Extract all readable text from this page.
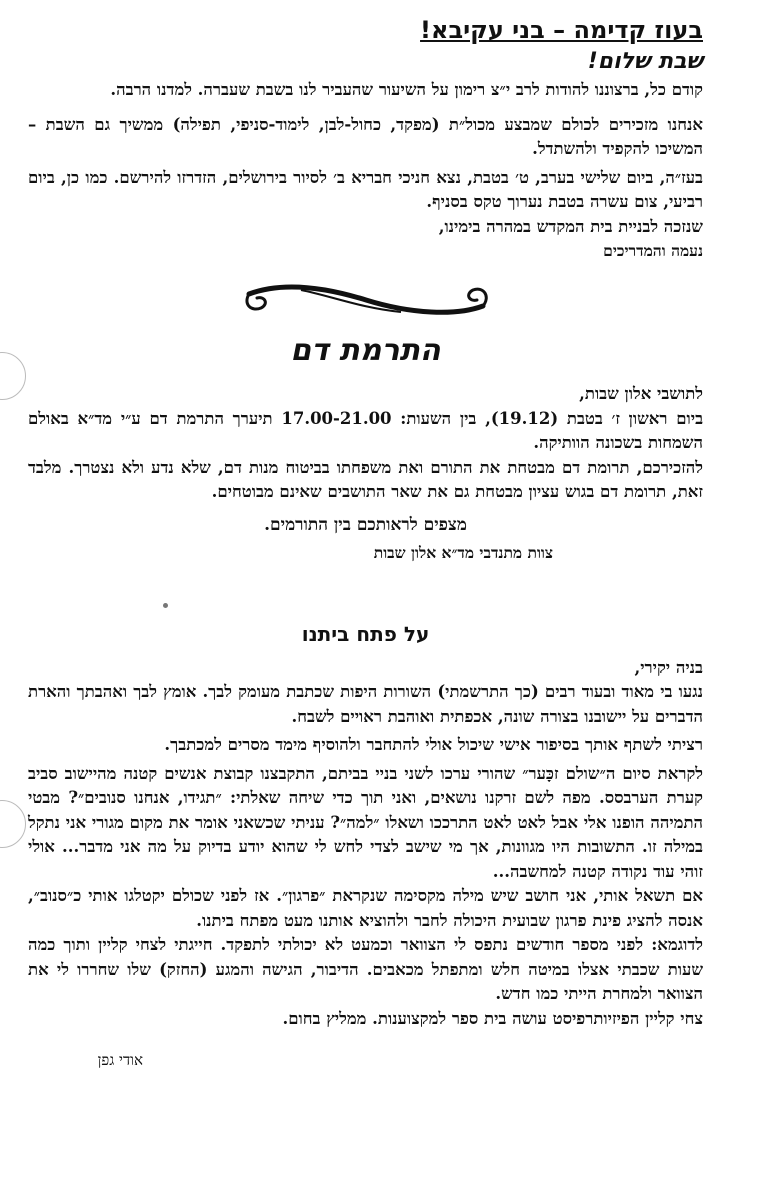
בעוז קדימה – בני עקיבא!
שבת שלום!

קודם כל, ברצוננו להודות לרב י״צ רימון על השיעור שהעביר לנו בשבת שעברה. למדנו הרבה.

אנחנו מזכירים לכולם שמבצע מכול״ת (מפקד, כחול-לבן, לימוד-סניפי, תפילה) ממשיך גם השבת – המשיכו להקפיד ולהשתדל.

בעז״ה, ביום שלישי בערב, ט׳ בטבת, נצא חניכי חבריא ב׳ לסיור בירושלים, הזדרזו להירשם. כמו כן, ביום רביעי, צום עשרה בטבת נערוך טקס בסניף.

שנזכה לבניית בית המקדש במהרה בימינו,

נעמה והמדריכים
התרמת דם

לתושבי אלון שבות,

ביום ראשון ז׳ בטבת (19.12), בין השעות: 17.00-21.00 תיערך התרמת דם ע״י מד״א באולם השמחות בשכונה הוותיקה.

להזכירכם, תרומת דם מבטחת את התורם ואת משפחתו בביטוח מנות דם, שלא נדע ולא נצטרך. מלבד זאת, תרומת דם בגוש עציון מבטחת גם את שאר התושבים שאינם מבוטחים.

מצפים לראותכם בין התורמים.
צוות מתנדבי מד״א אלון שבות
על פתח ביתנו

בניה יקירי,

נגעו בי מאוד ובעוד רבים (כך התרשמתי) השורות היפות שכתבת מעומק לבך. אומץ לבך ואהבתך והארת הדברים על יישובנו בצורה שונה, אכפתית ואוהבת ראויים לשבח.

רציתי לשתף אותך בסיפור אישי שיכול אולי להתחבר ולהוסיף מימד מסרים למכתבך.

לקראת סיום ה״שולם זכָּער״ שהורי ערכו לשני בניי בביתם, התקבצנו קבוצת אנשים קטנה מהיישוב סביב קערת הערבסס. מפה לשם זרקנו נושאים, ואני תוך כדי שיחה שאלתי: ״תגידו, אנחנו סנובים״? מבטי התמיהה הופנו אלי אבל לאט לאט התרככו ושאלו ״למה״? עניתי שכשאני אומר את מקום מגורי אני נתקל במילה זו. התשובות היו מגוונות, אך מי שישב לצדי לחש לי שהוא יודע בדיוק על מה אני מדבר... אולי זוהי עוד נקודה קטנה למחשבה...

אם תשאל אותי, אני חושב שיש מילה מקסימה שנקראת ״פרגון״. אז לפני שכולם יקטלגו אותי כ״סנוב״, אנסה להציג פינת פרגון שבועית היכולה לחבר ולהוציא אותנו מעט מפתח ביתנו.

לדוגמא: לפני מספר חודשים נתפס לי הצוואר וכמעט לא יכולתי לתפקד. חייגתי לצחי קליין ותוך כמה שעות שכבתי אצלו במיטה חלש ומתפתל מכאבים. הדיבור, הגישה והמגע (החזק) שלו שחררו לי את הצוואר ולמחרת הייתי כמו חדש.

צחי קליין הפיזיותרפיסט עושה בית ספר למקצוענות. ממליץ בחום.

אודי גפן
